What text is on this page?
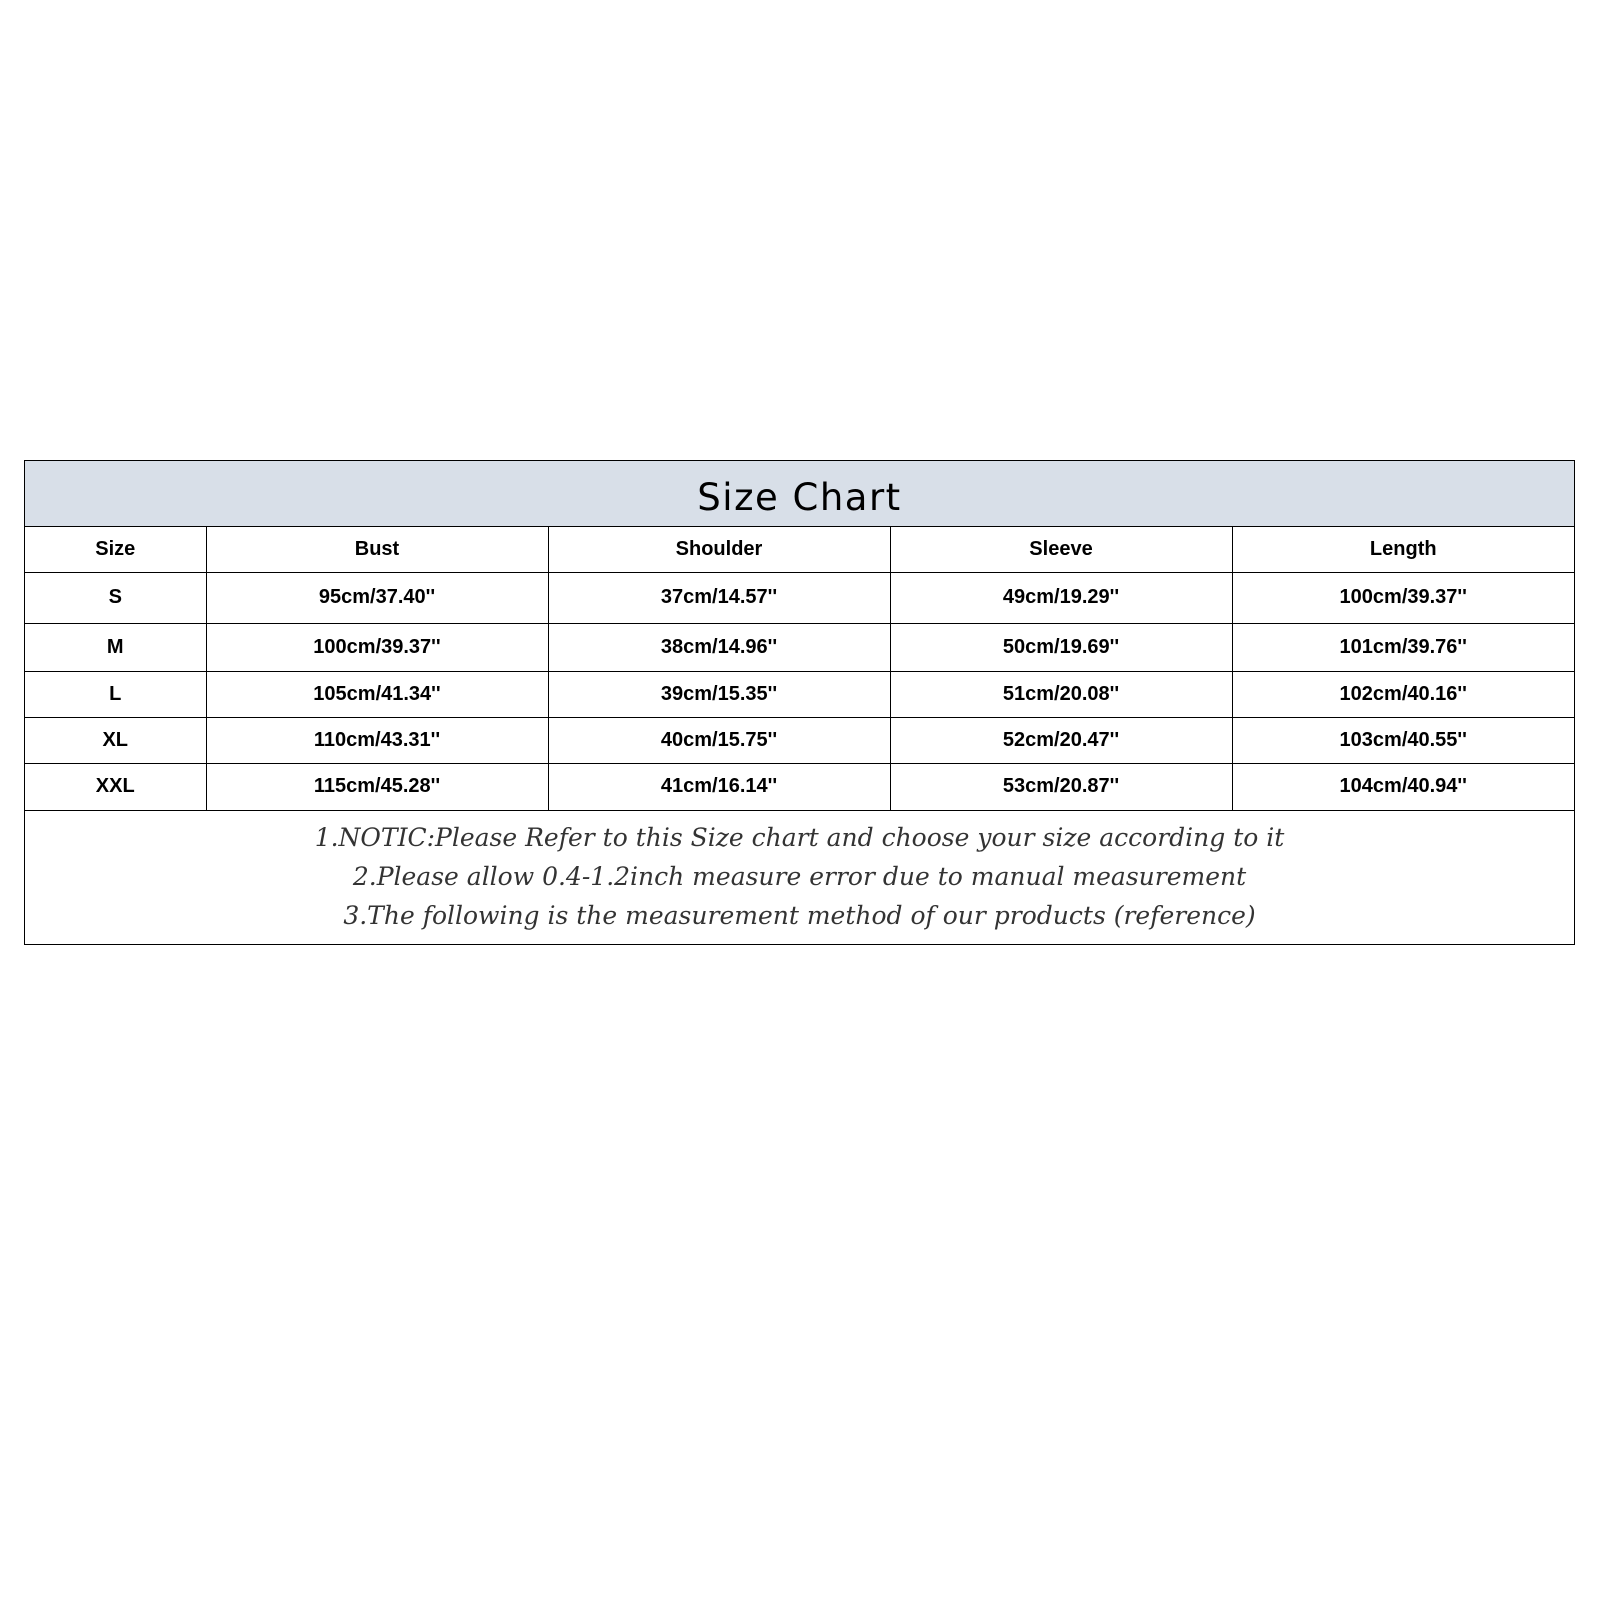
Size Chart
Size	Bust	Shoulder	Sleeve	Length
S	95cm/37.40''	37cm/14.57''	49cm/19.29''	100cm/39.37''
M	100cm/39.37''	38cm/14.96''	50cm/19.69''	101cm/39.76''
L	105cm/41.34''	39cm/15.35''	51cm/20.08''	102cm/40.16''
XL	110cm/43.31''	40cm/15.75''	52cm/20.47''	103cm/40.55''
XXL	115cm/45.28''	41cm/16.14''	53cm/20.87''	104cm/40.94''
1.NOTIC:Please Refer to this Size chart and choose your size according to it
2.Please allow 0.4-1.2inch measure error due to manual measurement
3.The following is the measurement method of our products (reference)
